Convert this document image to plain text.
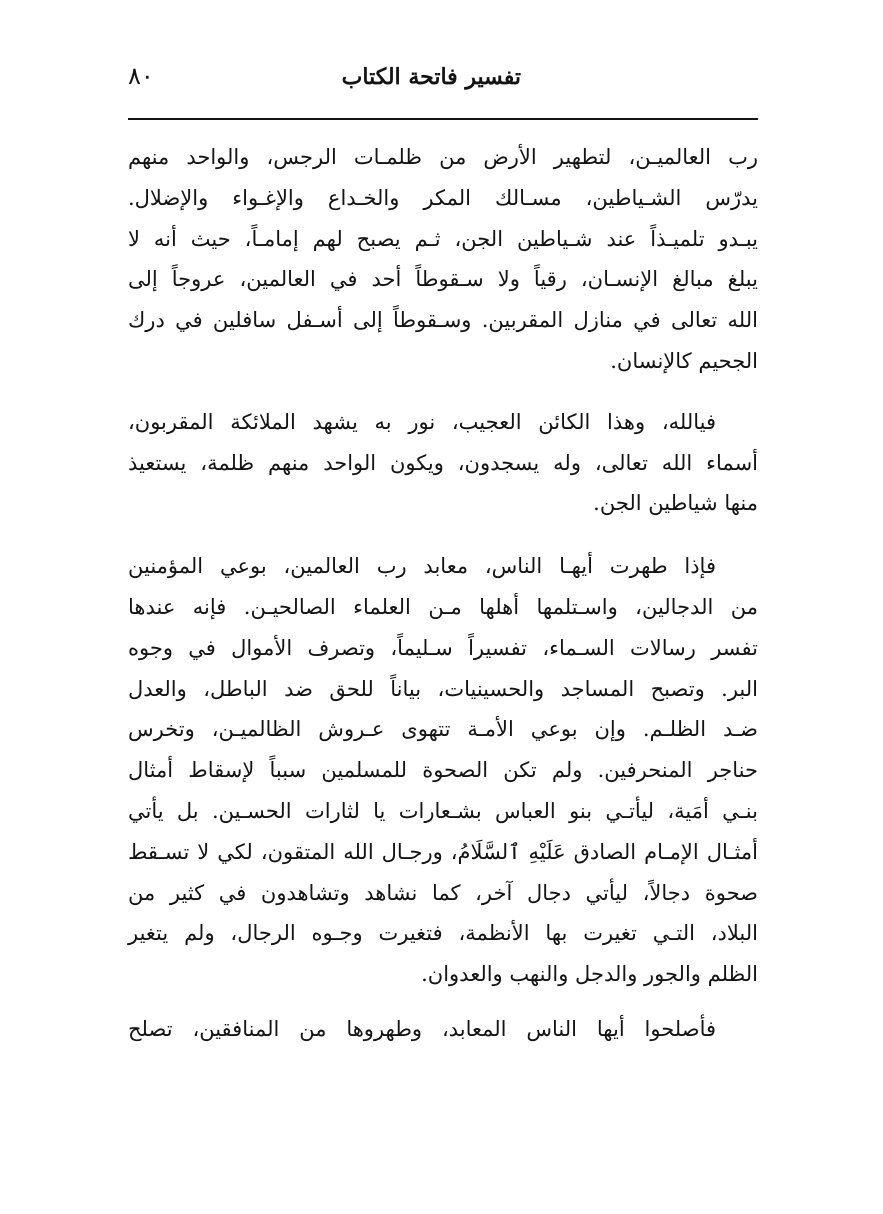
٨٠	تفسير فاتحة الكتاب
رب العالميـن، لتطهير الأرض من ظلمـات الرجس، والواحد منهم
يدرّس الشـياطين، مسـالك المكر والخـداع والإغـواء والإضلال.
يبـدو تلميـذاً عند شـياطين الجن، ثـم يصبح لهم إمامـاً، حيث أنه لا
يبلغ مبالغ الإنسـان، رقياً ولا سـقوطاً أحد في العالمين، عروجاً إلى
الله تعالى في منازل المقربين. وسـقوطاً إلى أسـفل سافلين في درك
الجحيم كالإنسان.
فيالله، وهذا الكائن العجيب، نور به يشهد الملائكة المقربون،
أسماء الله تعالى، وله يسجدون، ويكون الواحد منهم ظلمة، يستعيذ
منها شياطين الجن.
فإذا طهرت أيهـا الناس، معابد رب العالمين، بوعي المؤمنين
من الدجالين، واسـتلمها أهلها مـن العلماء الصالحيـن. فإنه عندها
تفسر رسالات السـماء، تفسيراً سـليماً، وتصرف الأموال في وجوه
البر. وتصبح المساجد والحسينيات، بياناً للحق ضد الباطل، والعدل
ضـد الظلـم. وإن بوعي الأمـة تتهوى عـروش الظالميـن، وتخرس
حناجر المنحرفين. ولم تكن الصحوة للمسلمين سبباً لإسقاط أمثال
بنـي أمَية، ليأتـي بنو العباس بشـعارات يا لثارات الحسـين. بل يأتي
أمثـال الإمـام الصادق عَلَيْهِ ٱلسَّلَامُ، ورجـال الله المتقون، لكي لا تسـقط
صحوة دجالاً، ليأتي دجال آخر، كما نشاهد وتشاهدون في كثير من
البلاد، التـي تغيرت بها الأنظمة، فتغيرت وجـوه الرجال، ولم يتغير
الظلم والجور والدجل والنهب والعدوان.
فأصلحوا أيها الناس المعابد، وطهروها من المنافقين، تصلح
